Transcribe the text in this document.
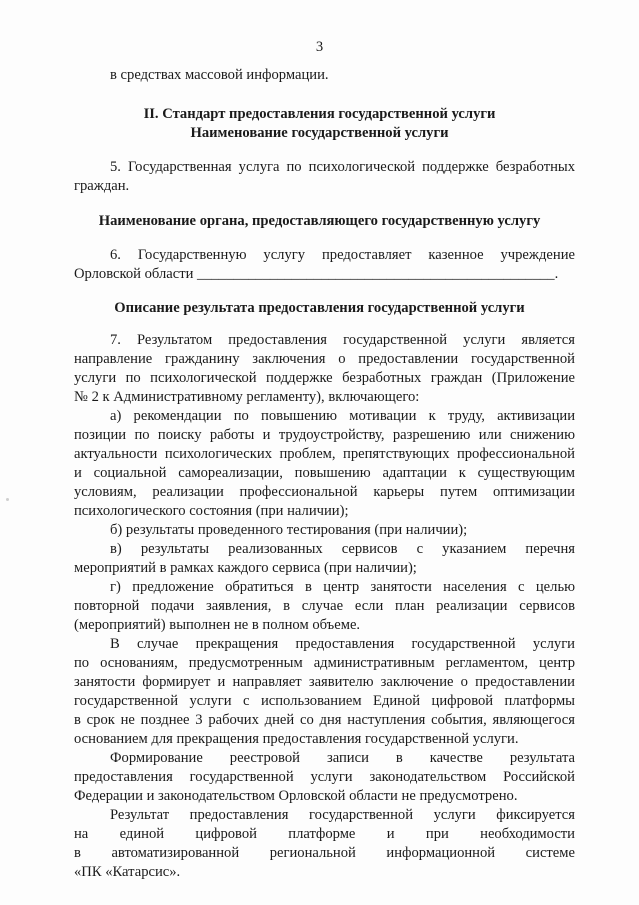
3
в средствах массовой информации.
II. Стандарт предоставления государственной услуги
Наименование государственной услуги
5. Государственная услуга по психологической поддержке безработных
граждан.
Наименование органа, предоставляющего государственную услугу
6. Государственную услугу предоставляет казенное учреждение
Орловской области _________________________________________________.
Описание результата предоставления государственной услуги
7. Результатом предоставления государственной услуги является
направление гражданину заключения о предоставлении государственной
услуги по психологической поддержке безработных граждан (Приложение
№ 2 к Административному регламенту), включающего:
а) рекомендации по повышению мотивации к труду, активизации
позиции по поиску работы и трудоустройству, разрешению или снижению
актуальности психологических проблем, препятствующих профессиональной
и социальной самореализации, повышению адаптации к существующим
условиям, реализации профессиональной карьеры путем оптимизации
психологического состояния (при наличии);
б) результаты проведенного тестирования (при наличии);
в) результаты реализованных сервисов с указанием перечня
мероприятий в рамках каждого сервиса (при наличии);
г) предложение обратиться в центр занятости населения с целью
повторной подачи заявления, в случае если план реализации сервисов
(мероприятий) выполнен не в полном объеме.
В случае прекращения предоставления государственной услуги
по основаниям, предусмотренным административным регламентом, центр
занятости формирует и направляет заявителю заключение о предоставлении
государственной услуги с использованием Единой цифровой платформы
в срок не позднее 3 рабочих дней со дня наступления события, являющегося
основанием для прекращения предоставления государственной услуги.
Формирование реестровой записи в качестве результата
предоставления государственной услуги законодательством Российской
Федерации и законодательством Орловской области не предусмотрено.
Результат предоставления государственной услуги фиксируется
на единой цифровой платформе и при необходимости
в автоматизированной региональной информационной системе
«ПК «Катарсис».
